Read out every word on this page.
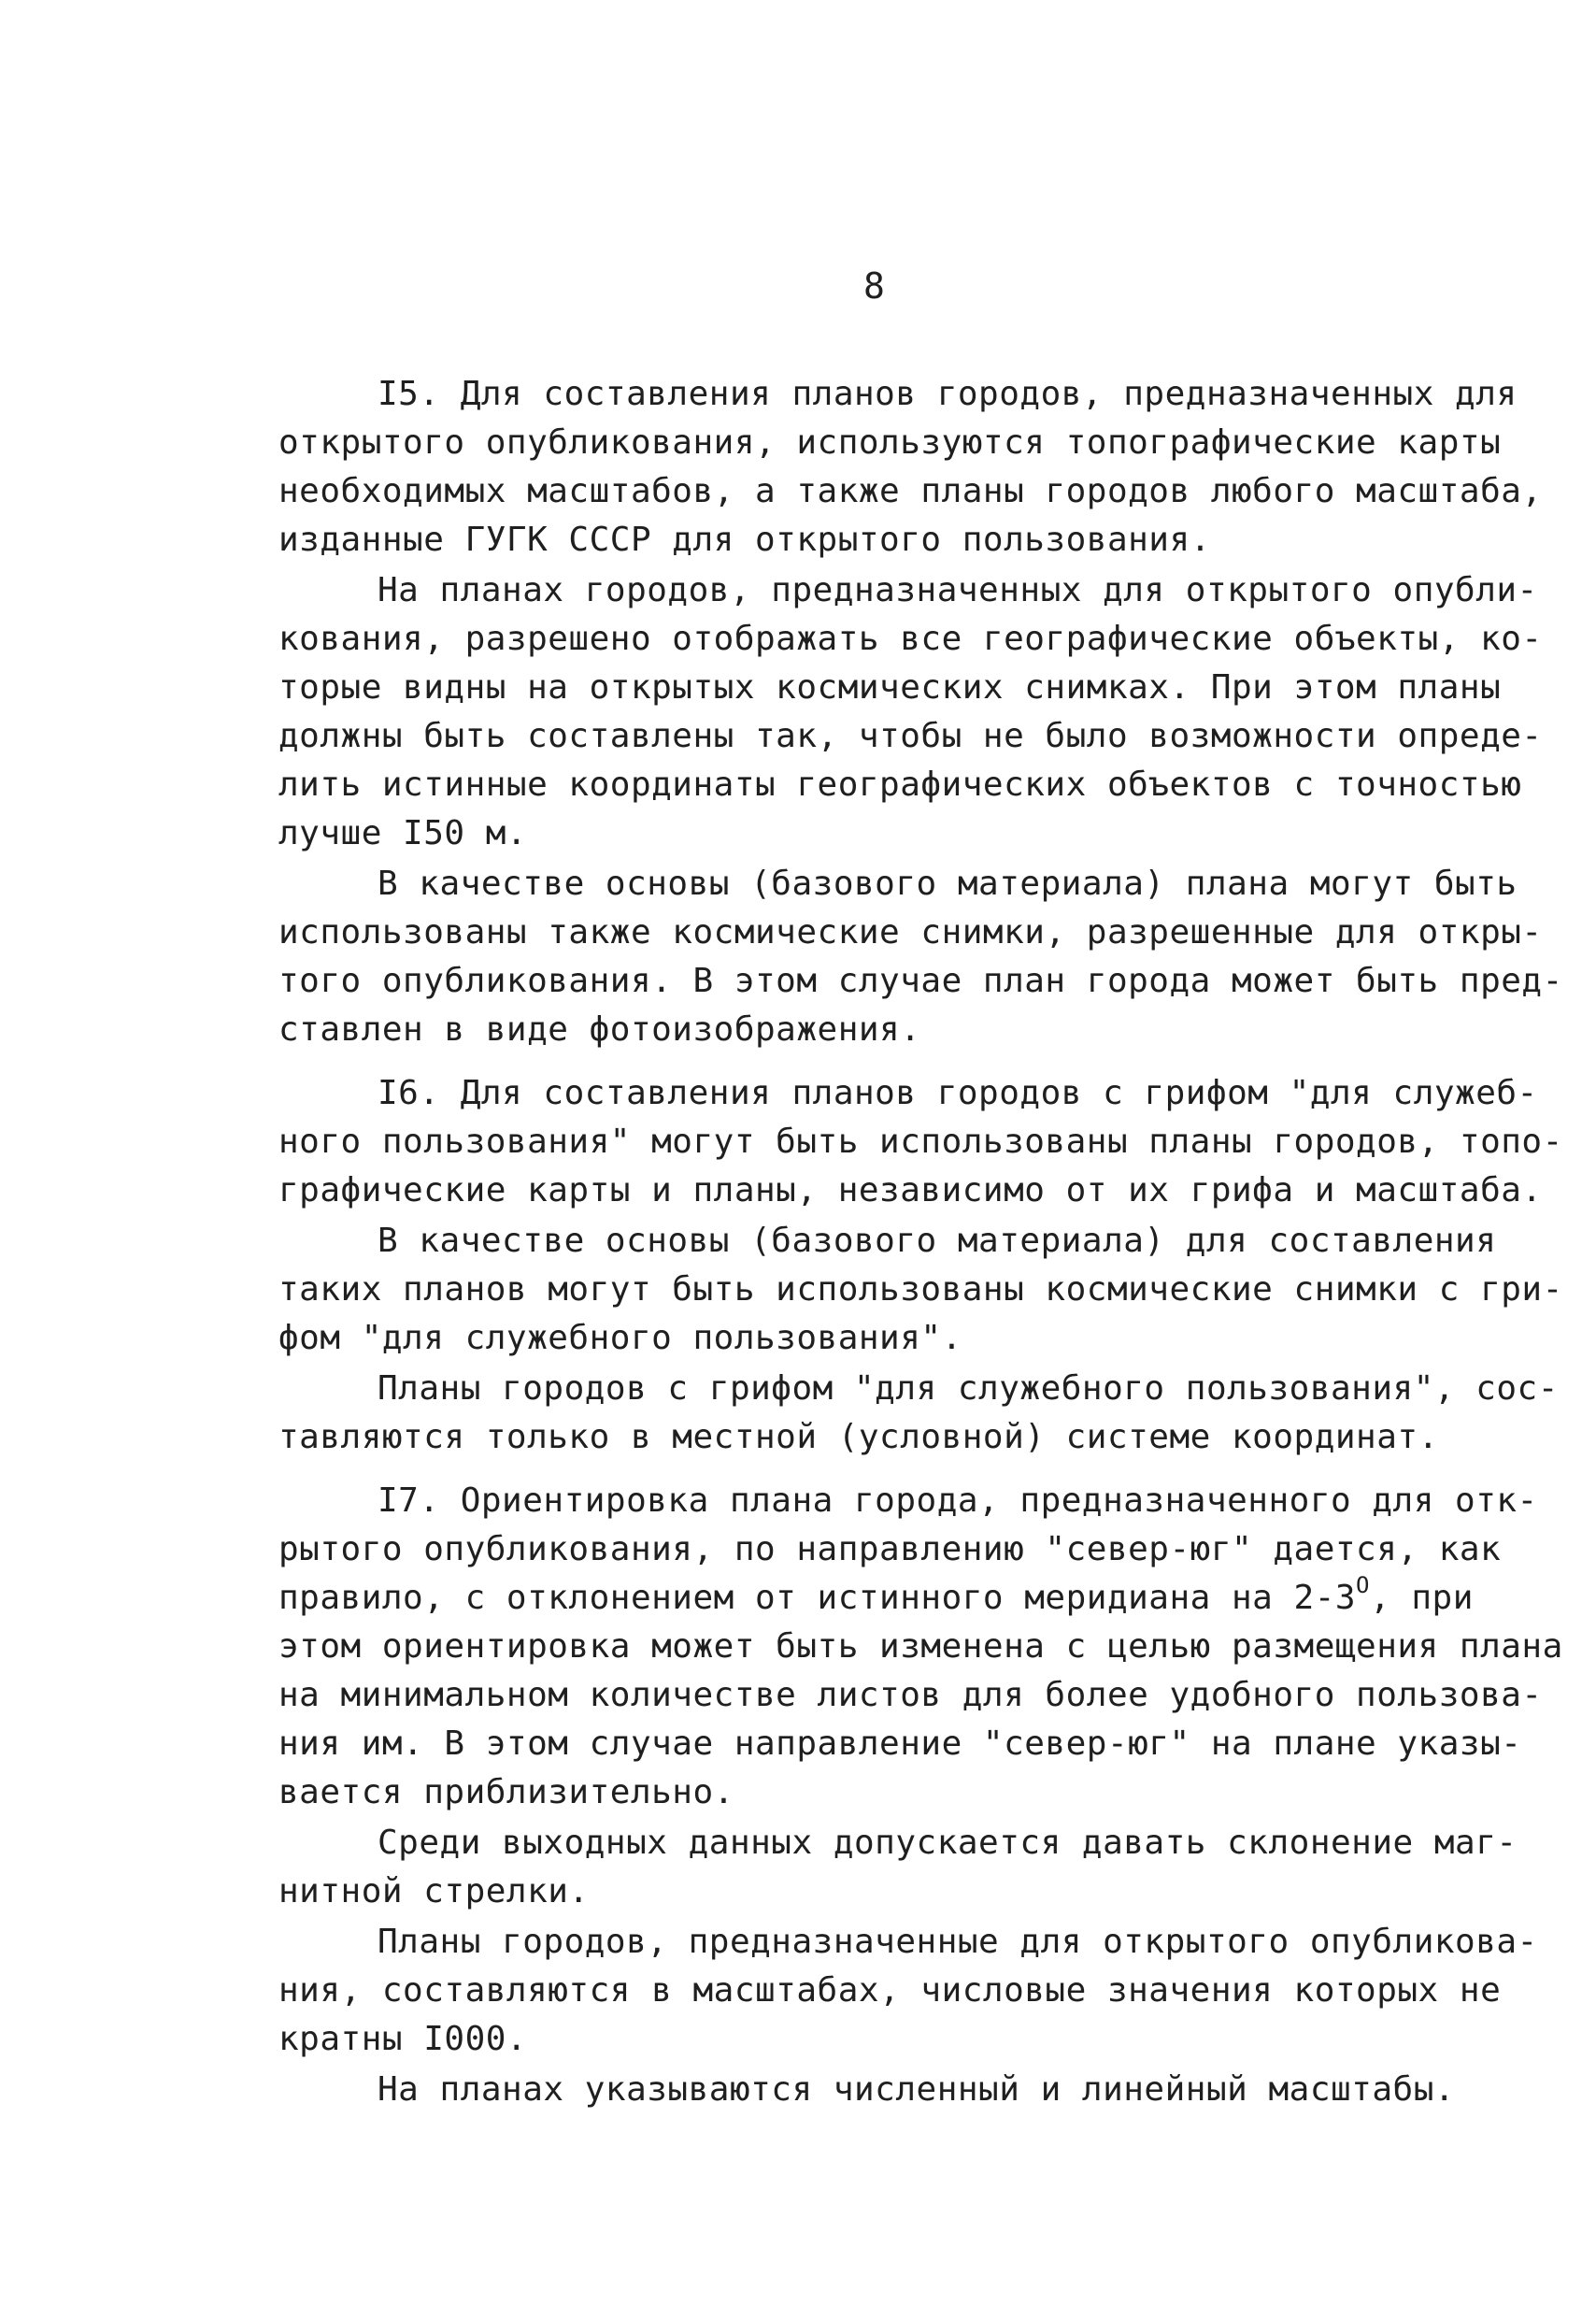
8
I5. Для составления планов городов, предназначенных для
открытого опубликования, используются топографические карты
необходимых масштабов, а также планы городов любого масштаба,
изданные ГУГК СССР для открытого пользования.
На планах городов, предназначенных для открытого опубли-
кования, разрешено отображать все географические объекты, ко-
торые видны на открытых космических снимках. При этом планы
должны быть составлены так, чтобы не было возможности опреде-
лить истинные координаты географических объектов с точностью
лучше I50 м.
В качестве основы (базового материала) плана могут быть
использованы также космические снимки, разрешенные для откры-
того опубликования. В этом случае план города может быть пред-
ставлен в виде фотоизображения.
I6. Для составления планов городов с грифом "для служеб-
ного пользования" могут быть использованы планы городов, топо-
графические карты и планы, независимо от их грифа и масштаба.
В качестве основы (базового материала) для составления
таких планов могут быть использованы космические снимки с гри-
фом "для служебного пользования".
Планы городов с грифом "для служебного пользования", сос-
тавляются только в местной (условной) системе координат.
I7. Ориентировка плана города, предназначенного для отк-
рытого опубликования, по направлению "север-юг" дается, как
правило, с отклонением от истинного меридиана на $2-3^O$, при
этом ориентировка может быть изменена с целью размещения плана
на минимальном количестве листов для более удобного пользова-
ния им. В этом случае направление "север-юг" на плане указы-
вается приблизительно.
Среди выходных данных допускается давать склонение маг-
нитной стрелки.
Планы городов, предназначенные для открытого опубликова-
ния, составляются в масштабах, числовые значения которых не
кратны I000.
На планах указываются численный и линейный масштабы.
